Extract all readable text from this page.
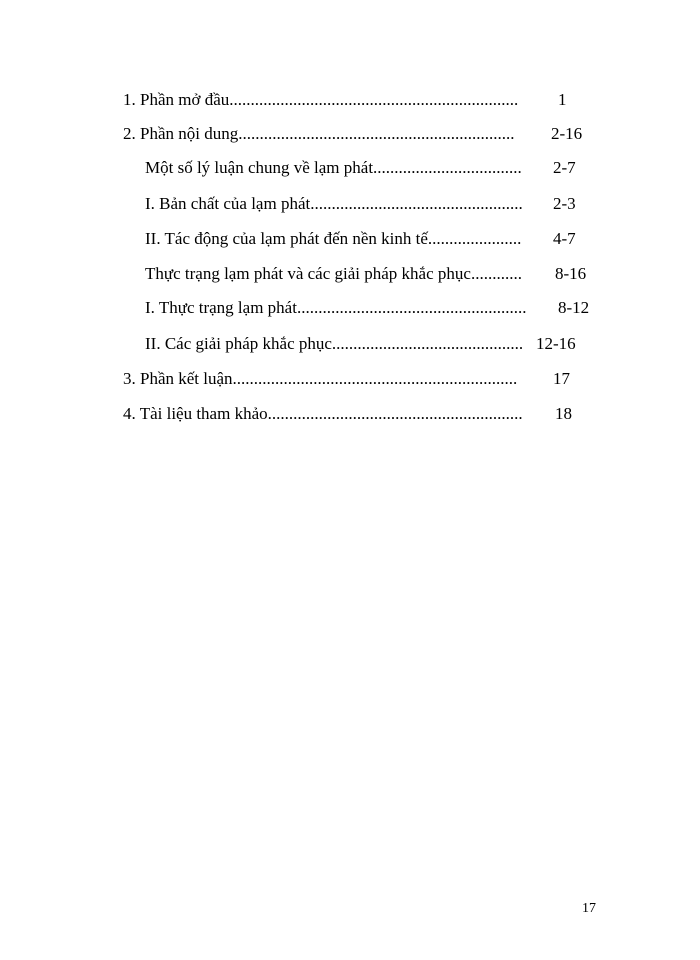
1. Phần mở đầu.................................................................... 1
2. Phần nội dung................................................................. 2-16
Một số lý luận chung về lạm phát................................... 2-7
I. Bản chất của lạm phát.................................................. 2-3
II. Tác động của lạm phát đến nền kinh tế...................... 4-7
Thực trạng lạm phát và các giải pháp khắc phục............ 8-16
I. Thực trạng lạm phát...................................................... 8-12
II. Các giải pháp khắc phục............................................. 12-16
3. Phần kết luận................................................................... 17
4. Tài liệu tham khảo............................................................ 18
17
